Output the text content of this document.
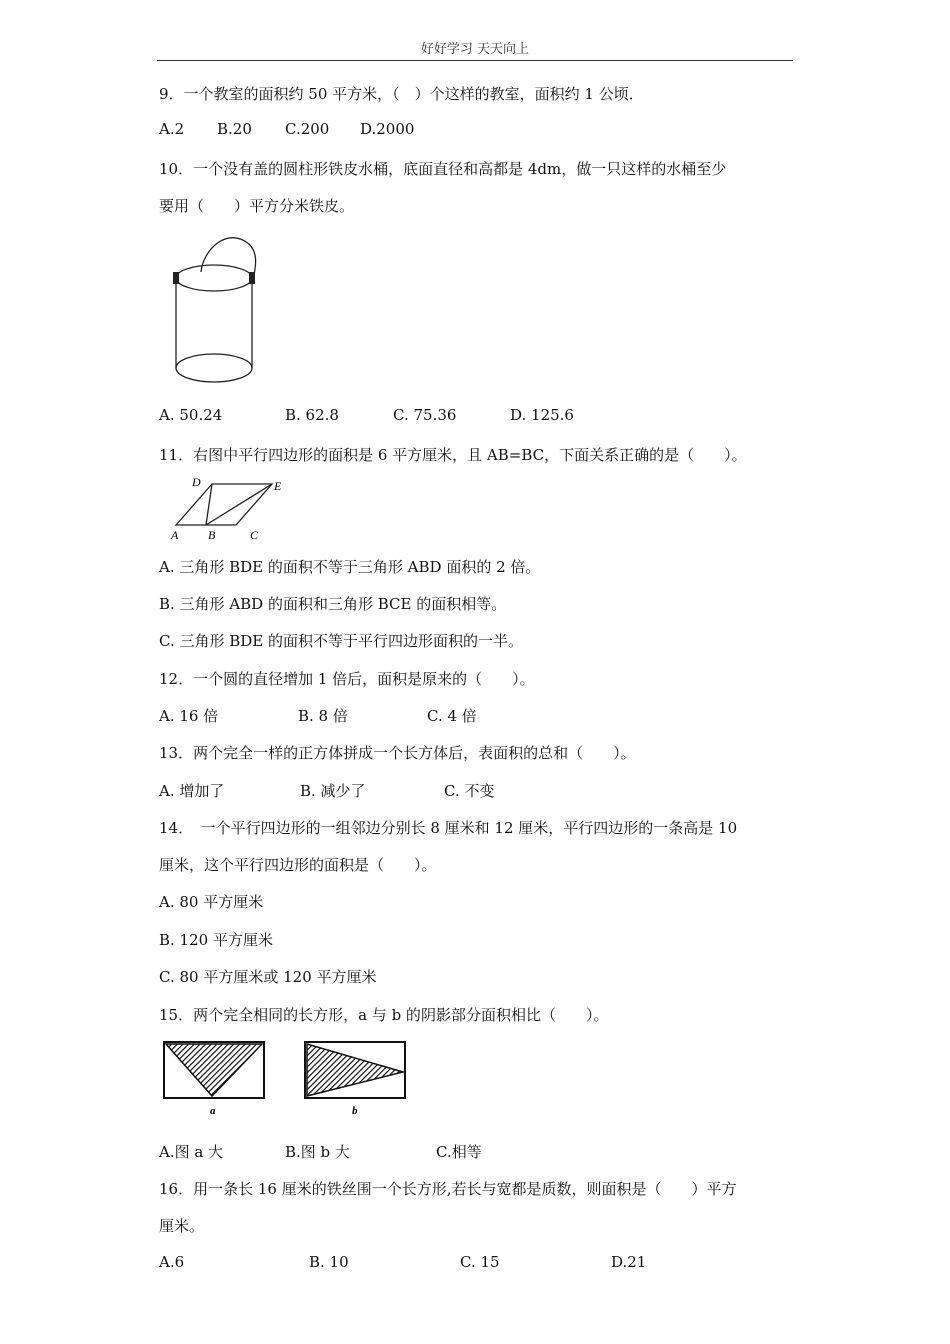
好好学习 天天向上
9．一个教室的面积约 50 平方米，（　）个这样的教室，面积约 1 公顷．
A.2 B.20 C.200 D.2000
10．一个没有盖的圆柱形铁皮水桶，底面直径和高都是 4dm，做一只这样的水桶至少
要用（　　）平方分米铁皮。
A. 50.24	B. 62.8	C. 75.36	D. 125.6
11．右图中平行四边形的面积是 6 平方厘米，且 AB=BC，下面关系正确的是（　　）。
D	E
A B	C
A. 三角形 BDE 的面积不等于三角形 ABD 面积的 2 倍。
B. 三角形 ABD 的面积和三角形 BCE 的面积相等。
C. 三角形 BDE 的面积不等于平行四边形面积的一半。
12．一个圆的直径增加 1 倍后，面积是原来的（　　）。
A. 16 倍	B. 8 倍	C. 4 倍
13．两个完全一样的正方体拼成一个长方体后，表面积的总和（　　）。
A. 增加了	B. 减少了	C. 不变
14．　一个平行四边形的一组邻边分别长 8 厘米和 12 厘米，平行四边形的一条高是 10
厘米，这个平行四边形的面积是（　　）。
A. 80 平方厘米
B. 120 平方厘米
C. 80 平方厘米或 120 平方厘米
15．两个完全相同的长方形，a 与 b 的阴影部分面积相比（　　）。
a	b
A.图 a 大	B.图 b 大	C.相等
16．用一条长 16 厘米的铁丝围一个长方形,若长与宽都是质数，则面积是（　　）平方
厘米。
A.6	B. 10	C. 15	D.21
